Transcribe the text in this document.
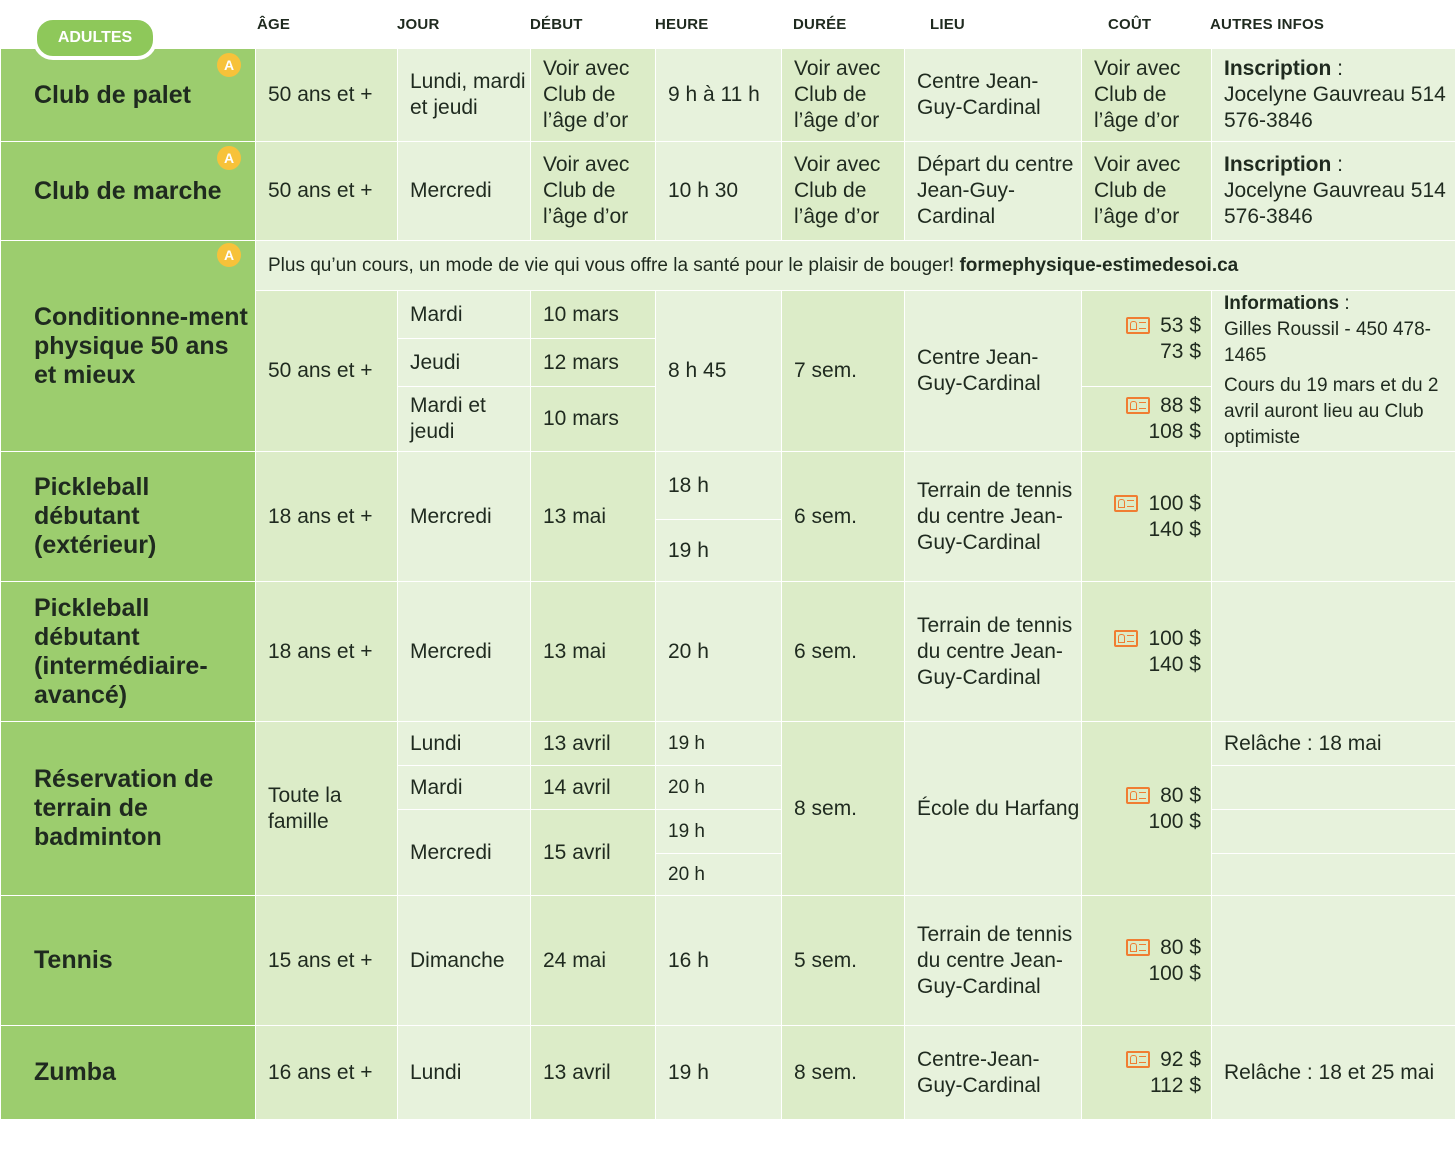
ADULTES
ÂGE	JOUR	DÉBUT	HEURE	DURÉE	LIEU	COÛT	AUTRES INFOS
A
Club de palet	50 ans et +	Lundi, mardi et jeudi	Voir avec Club de l’âge d’or	9 h à 11 h	Voir avec Club de l’âge d’or	Centre Jean-Guy-Cardinal	Voir avec Club de l’âge d’or	Inscription :
Jocelyne Gauvreau 514 576-3846

A
Club de marche	50 ans et +	Mercredi	Voir avec Club de l’âge d’or	10 h 30	Voir avec Club de l’âge d’or	Départ du centre Jean-Guy-Cardinal	Voir avec Club de l’âge d’or	Inscription :
Jocelyne Gauvreau 514 576-3846

A
Conditionne-ment physique 50 ans et mieux	Plus qu’un cours, un mode de vie qui vous offre la santé pour le plaisir de bouger! formephysique-estimedesoi.ca							
	50 ans et +	Mardi	10 mars	8 h 45	7 sem.	Centre Jean-Guy-Cardinal	53 $
73 $	Informations :
Gilles Roussil - 450 478-1465
Cours du 19 mars et du 2 avril auront lieu au Club optimiste

		Jeudi	12 mars					
		Mardi et jeudi	10 mars				88 $
108 $	

Pickleball débutant (extérieur)	18 ans et +	Mercredi	13 mai	18 h	6 sem.	Terrain de tennis du centre Jean-Guy-Cardinal	100 $
140 $	

				19 h				
Pickleball débutant (intermédiaire-avancé)	18 ans et +	Mercredi	13 mai	20 h	6 sem.	Terrain de tennis du centre Jean-Guy-Cardinal	100 $
140 $	

Réservation de terrain de badminton	Toute la famille	Lundi	13 avril	19 h	8 sem.	École du Harfang	80 $
100 $	Relâche : 18 mai
		Mardi	14 avril	20 h				
		Mercredi	15 avril	19 h				
				20 h				
Tennis	15 ans et +	Dimanche	24 mai	16 h	5 sem.	Terrain de tennis du centre Jean-Guy-Cardinal	80 $
100 $	

Zumba	16 ans et +	Lundi	13 avril	19 h	8 sem.	Centre-Jean-Guy-Cardinal	92 $
112 $	Relâche : 18 et 25 mai
